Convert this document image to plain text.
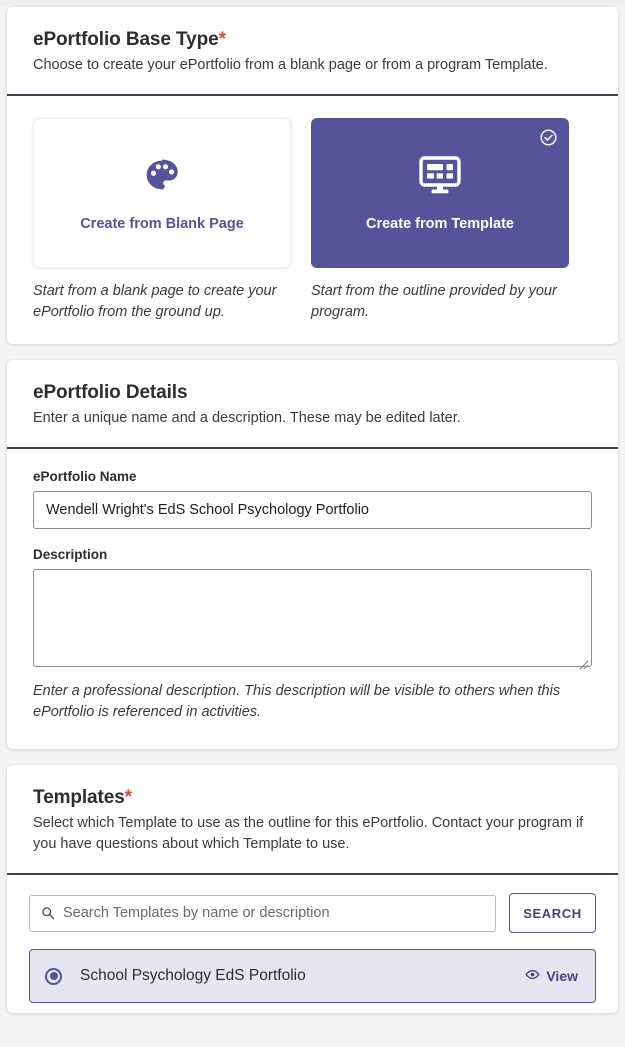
ePortfolio Base Type*

Choose to create your ePortfolio from a blank page or from a program Template.

Create from Blank Page
Start from a blank page to create your ePortfolio from the ground up.
Create from Template
Start from the outline provided by your program.
ePortfolio Details

Enter a unique name and a description. These may be edited later.

ePortfolio Name
Wendell Wright's EdS School Psychology Portfolio
Description
Enter a professional description. This description will be visible to others when this ePortfolio is referenced in activities.
Templates*

Select which Template to use as the outline for this ePortfolio. Contact your program if you have questions about which Template to use.

Search Templates by name or description
SEARCH
School Psychology EdS Portfolio	View
